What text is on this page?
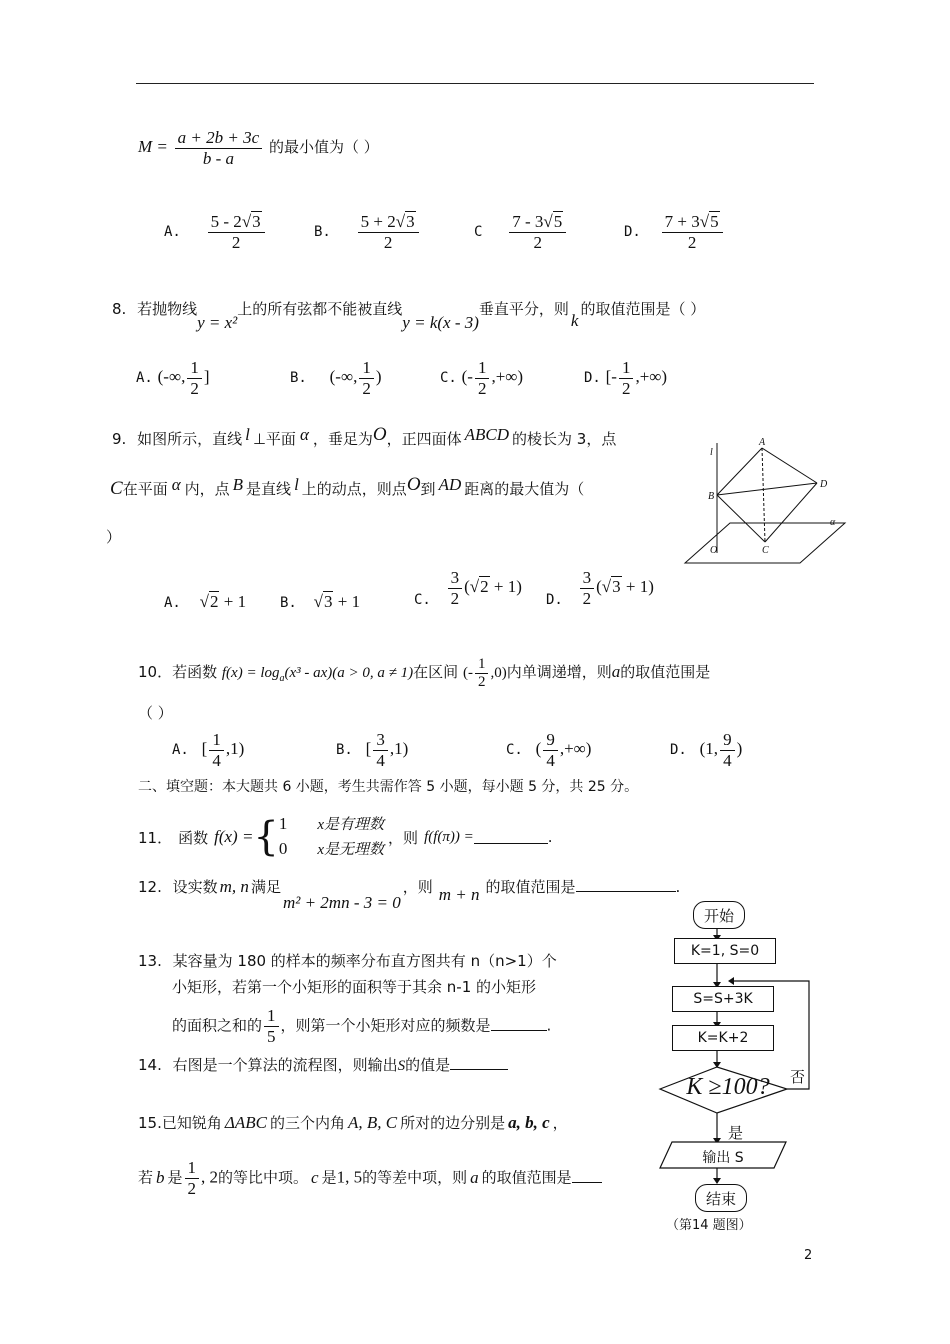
$M = \frac{a + 2b + 3c}{b - a}$ 的最小值为（ ）
A. $\frac{5 - 2√3}{2}$	B. $\frac{5 + 2√3}{2}$	C $\frac{7 - 3√5}{2}$	D. $\frac{7 + 3√5}{2}$
8. 若抛物线y = x²上的所有弦都不能被直线y = k(x - 3)垂直平分，则k的取值范围是（ ）
A. (-∞, $\frac{1}{2}$ ]	B. (-∞, $\frac{1}{2}$ )	C. (- $\frac{1}{2}$ ,+∞)	D. [- $\frac{1}{2}$ ,+∞)
9. 如图所示，直线 l ⊥平面 α ，垂足为O，正四面体 ABCD 的棱长为 3，点
C在平面 α 内，点 B 是直线 l 上的动点，则点O到 AD 距离的最大值为（
）
A. √2 + 1 B. √3 + 1	C. $\frac{3}{2} (√2 + 1)$
D. $\frac{3}{2} (√3 + 1)$
l
A
B
D
C
O
α
10．若函数 $f(x) = \log_a(x^3 - ax)(a > 0$, a ≠ 1)在区间 (- $\frac{1}{2} ,0$)内单调递增，则a的取值范围是
（ ）
A. [ $\frac{1}{4} ,1$)	B. [ $\frac{3}{4} ,1$)	C. ( $\frac{9}{4}$ ,+∞)	D. (1, $\frac{9}{4}$ )
二、填空题：本大题共 6 小题，考生共需作答 5 小题，每小题 5 分，共 25 分。
11． 函数 f(x) = { 1 x是有理数
0 x是无理数
，则 f(f(π)) =	.
12. 设实数 m, n 满足m² + 2mn - 3 = 0，则 m + n 的取值范围是	.
13. 某容量为 180 的样本的频率分布直方图共有 n（n>1）个
小矩形，若第一个小矩形的面积等于其余 n-1 的小矩形
的面积之和的 $\frac{1}{5}$ ，则第一个小矩形对应的频数是	.
14. 右图是一个算法的流程图，则输出S的值是
15.已知锐角 ΔABC 的三个内角 A, B, C 所对的边分别是 a, b, c ，
若 b 是 $\frac{1}{2}$ , 2的等比中项。 c 是1, 5的等差中项，则 a 的取值范围是
开始
K=1, S=0
S=S+3K
K=K+2
K ≥100?	否
是
输出 S
结束
（第14 题图）
2
